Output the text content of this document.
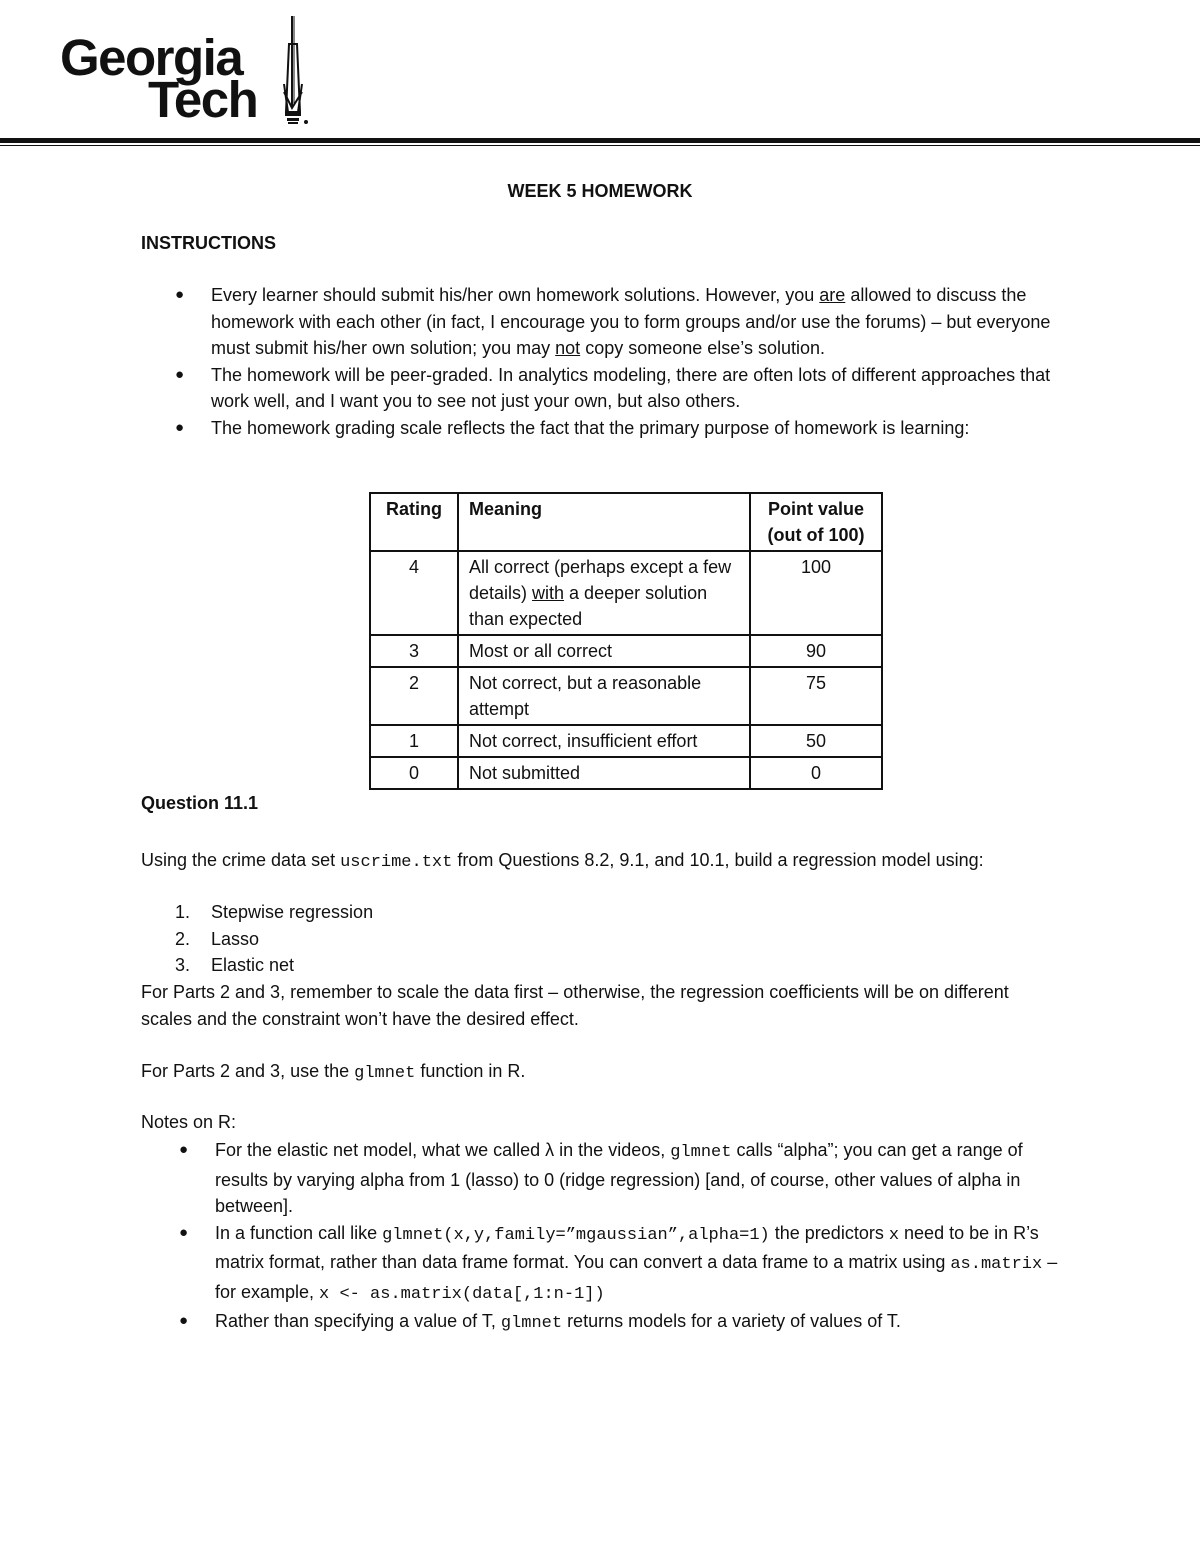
Georgia
Tech
WEEK 5 HOMEWORK
INSTRUCTIONS
● Every learner should submit his/her own homework solutions. However, you are allowed to discuss the homework with each other (in fact, I encourage you to form groups and/or use the forums) – but everyone must submit his/her own solution; you may not copy someone else’s solution.
● The homework will be peer-graded. In analytics modeling, there are often lots of different approaches that work well, and I want you to see not just your own, but also others.
● The homework grading scale reflects the fact that the primary purpose of homework is learning:
Rating	Meaning	Point value
(out of 100)
4	All correct (perhaps except a few details) with a deeper solution than expected	100
3	Most or all correct	90
2	Not correct, but a reasonable attempt	75
1	Not correct, insufficient effort	50
0	Not submitted	0
Question 11.1
Using the crime data set uscrime.txt from Questions 8.2, 9.1, and 10.1, build a regression model using:
1. Stepwise regression
2. Lasso
3. Elastic net
For Parts 2 and 3, remember to scale the data first – otherwise, the regression coefficients will be on different scales and the constraint won’t have the desired effect.
For Parts 2 and 3, use the glmnet function in R.
Notes on R:
● For the elastic net model, what we called λ in the videos, glmnet calls “alpha”; you can get a range of results by varying alpha from 1 (lasso) to 0 (ridge regression) [and, of course, other values of alpha in between].
● In a function call like glmnet(x,y,family=”mgaussian”,alpha=1) the predictors x need to be in R’s matrix format, rather than data frame format. You can convert a data frame to a matrix using as.matrix – for example, x <- as.matrix(data[,1:n-1])
● Rather than specifying a value of T, glmnet returns models for a variety of values of T.
